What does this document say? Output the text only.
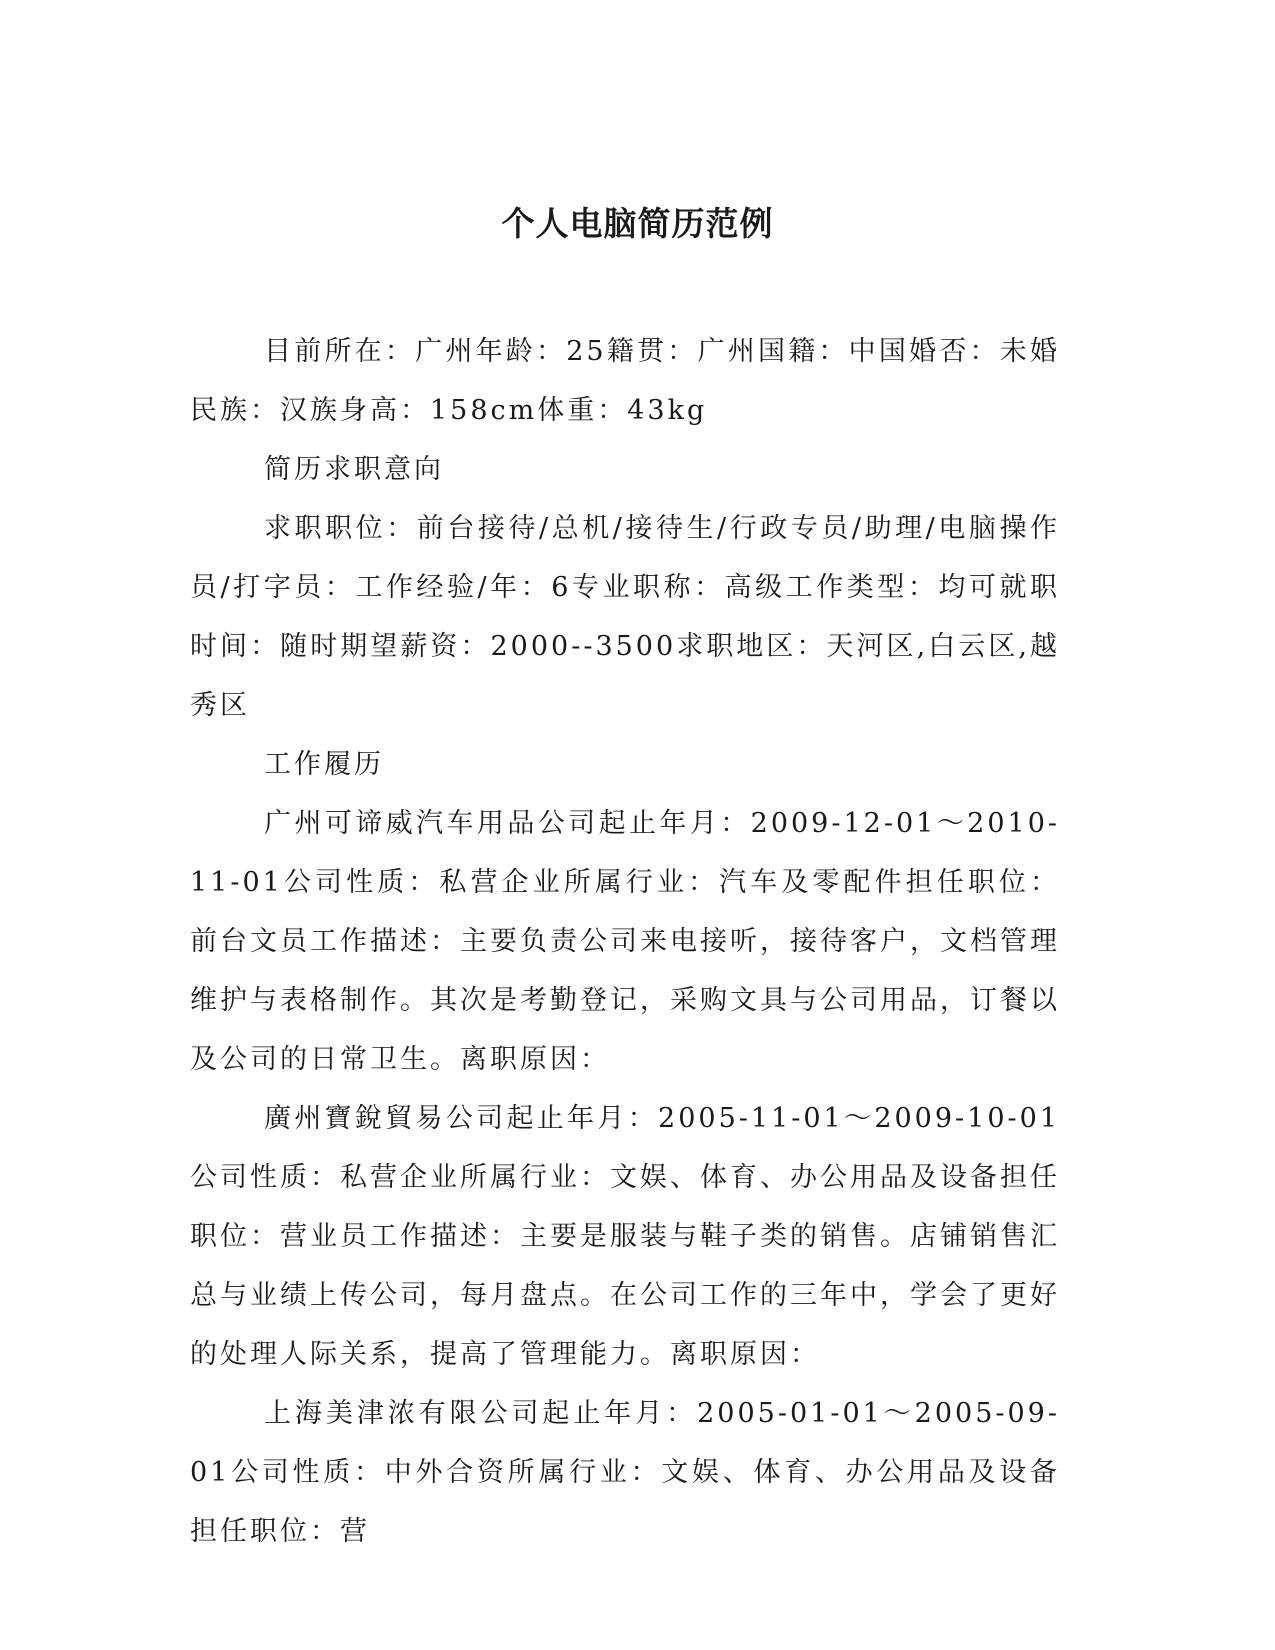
个人电脑简历范例

目前所在：广州年龄：25籍贯：广州国籍：中国婚否：未婚民族：汉族身高：158cm体重：43kg

简历求职意向

求职职位：前台接待/总机/接待生/行政专员/助理/电脑操作员/打字员：工作经验/年：6专业职称：高级工作类型：均可就职时间：随时期望薪资：2000--3500求职地区：天河区,白云区,越秀区

工作履历

广州可谛威汽车用品公司起止年月：2009-12-01～2010-11-01公司性质：私营企业所属行业：汽车及零配件担任职位：前台文员工作描述：主要负责公司来电接听，接待客户，文档管理维护与表格制作。其次是考勤登记，采购文具与公司用品，订餐以及公司的日常卫生。离职原因：

廣州寶銳貿易公司起止年月：2005-11-01～2009-10-01公司性质：私营企业所属行业：文娱、体育、办公用品及设备担任职位：营业员工作描述：主要是服装与鞋子类的销售。店铺销售汇总与业绩上传公司，每月盘点。在公司工作的三年中，学会了更好的处理人际关系，提高了管理能力。离职原因：

上海美津浓有限公司起止年月：2005-01-01～2005-09-01公司性质：中外合资所属行业：文娱、体育、办公用品及设备担任职位：营
